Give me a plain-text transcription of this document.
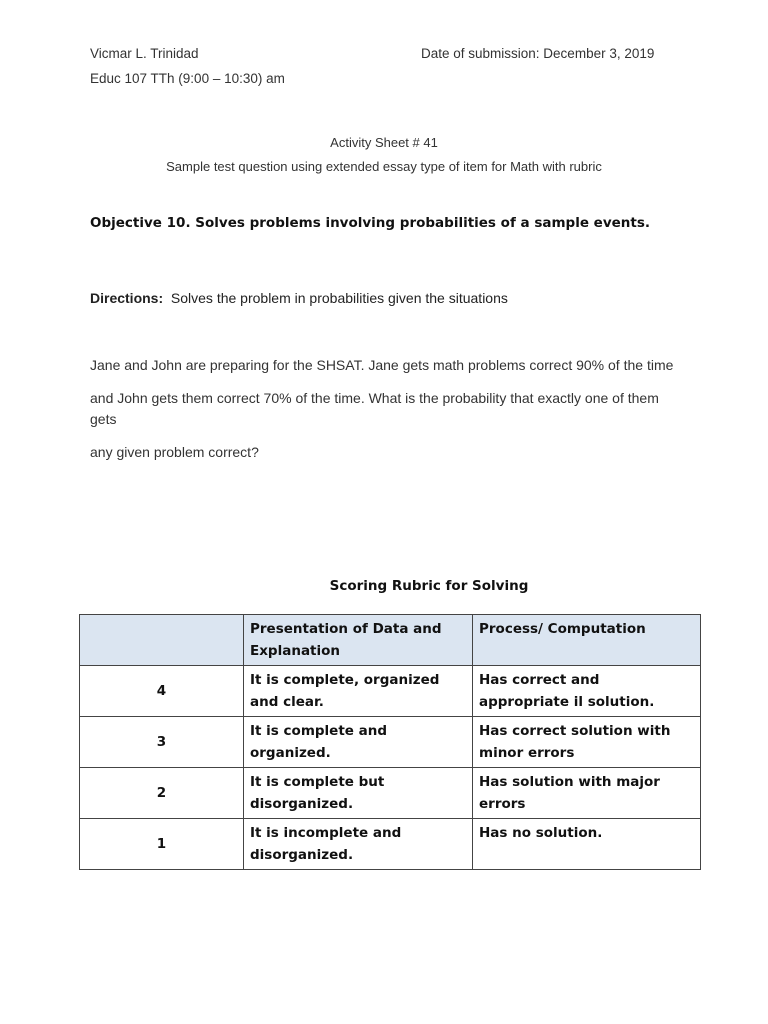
Vicmar L. Trinidad	Date of submission: December 3, 2019
Educ 107 TTh (9:00 – 10:30) am
Activity Sheet # 41
Sample test question using extended essay type of item for Math with rubric
Objective 10. Solves problems involving probabilities of a sample events.
Directions: Solves the problem in probabilities given the situations
Jane and John are preparing for the SHSAT. Jane gets math problems correct 90% of the time
and John gets them correct 70% of the time. What is the probability that exactly one of them
gets
any given problem correct?
Scoring Rubric for Solving
	Presentation of Data and Explanation	Process/ Computation
4	It is complete, organized and clear.	Has correct and appropriate il solution.
3	It is complete and organized.	Has correct solution with minor errors
2	It is complete but disorganized.	Has solution with major errors
1	It is incomplete and disorganized.	Has no solution.
